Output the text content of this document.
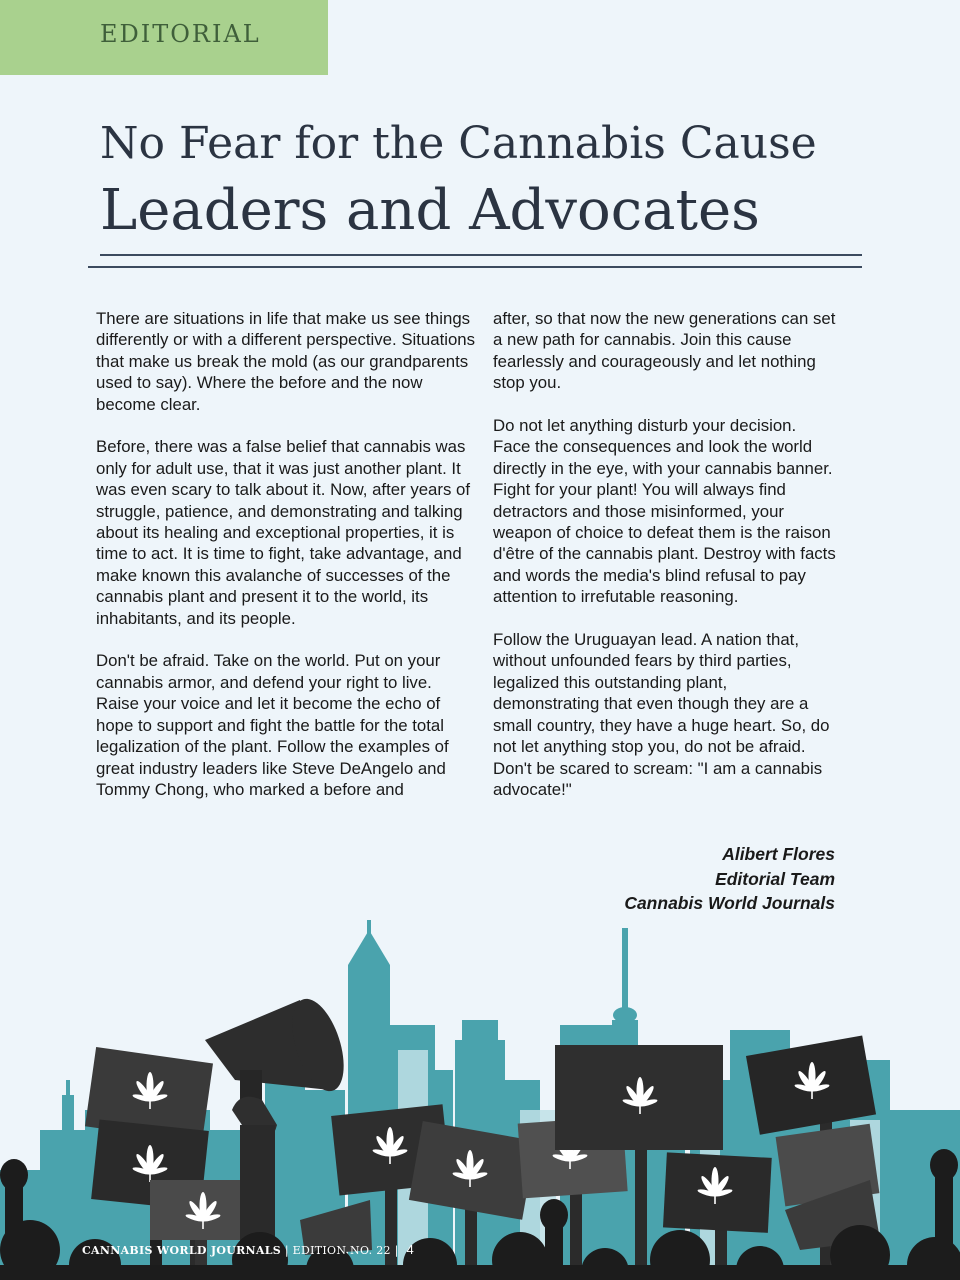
EDITORIAL
No Fear for the Cannabis Cause
Leaders and Advocates

There are situations in life that make us see things differently or with a different perspective. Situations that make us break the mold (as our grandparents used to say). Where the before and the now become clear.

Before, there was a false belief that cannabis was only for adult use, that it was just another plant. It was even scary to talk about it. Now, after years of struggle, patience, and demonstrating and talking about its healing and exceptional properties, it is time to act. It is time to fight, take advantage, and make known this avalanche of successes of the cannabis plant and present it to the world, its inhabitants, and its people.

Don't be afraid. Take on the world. Put on your cannabis armor, and defend your right to live. Raise your voice and let it become the echo of hope to support and fight the battle for the total legalization of the plant. Follow the examples of great industry leaders like Steve DeAngelo and Tommy Chong, who marked a before and

after, so that now the new generations can set a new path for cannabis. Join this cause fearlessly and courageously and let nothing stop you.

Do not let anything disturb your decision. Face the consequences and look the world directly in the eye, with your cannabis banner. Fight for your plant! You will always find detractors and those misinformed, your weapon of choice to defeat them is the raison d'être of the cannabis plant. Destroy with facts and words the media's blind refusal to pay attention to irrefutable reasoning.

Follow the Uruguayan lead. A nation that, without unfounded fears by third parties, legalized this outstanding plant, demonstrating that even though they are a small country, they have a huge heart. So, do not let anything stop you, do not be afraid. Don't be scared to scream: "I am a cannabis advocate!"

Alibert Flores
Editorial Team
Cannabis World Journals
CANNABIS WORLD JOURNALS | EDITION NO. 22 | 4
